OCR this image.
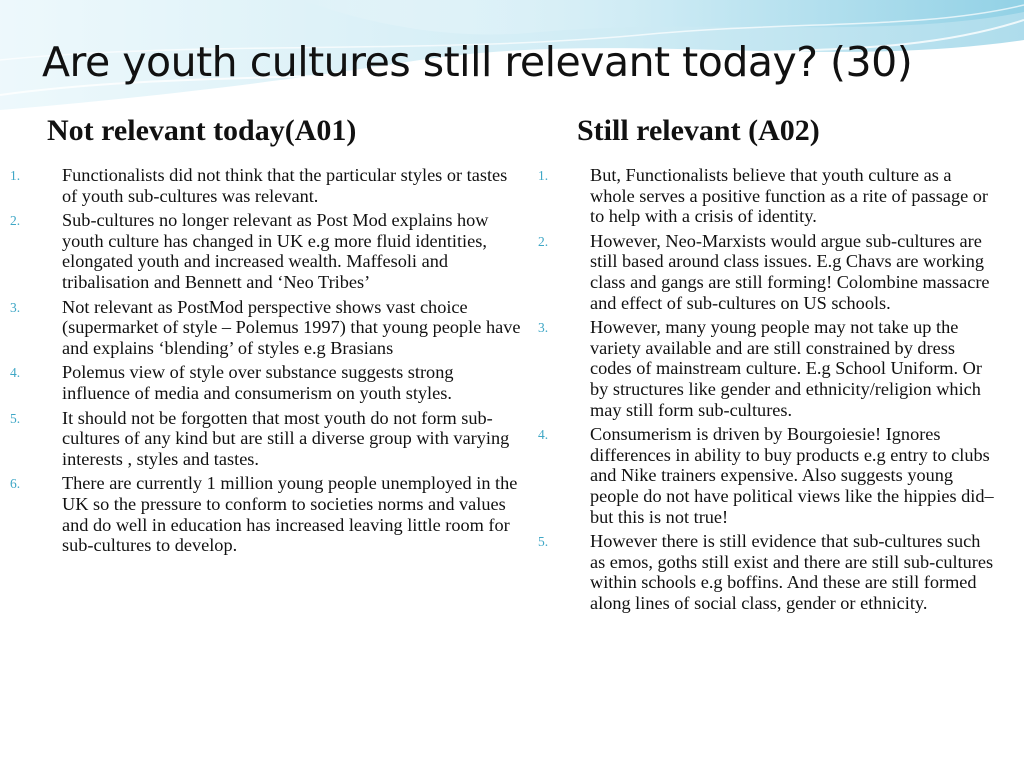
Are youth cultures still relevant today? (30)
Not relevant today(A01)	Still relevant (A02)
1.	Functionalists did not think that the particular styles or tastes of youth sub-cultures was relevant.
2.	Sub-cultures no longer relevant as Post Mod explains how youth culture has changed in UK e.g more fluid identities, elongated youth and increased wealth. Maffesoli and tribalisation and Bennett and ‘Neo Tribes’
3.	Not relevant as PostMod perspective shows vast choice (supermarket of style – Polemus 1997) that young people have and explains ‘blending’ of styles e.g Brasians
4.	Polemus view of style over substance suggests strong influence of media and consumerism on youth styles.
5.	It should not be forgotten that most youth do not form sub-cultures of any kind but are still a diverse group with varying interests , styles and tastes.
6.	There are currently 1 million young people unemployed in the UK so the pressure to conform to societies norms and values and do well in education has increased leaving little room for sub-cultures to develop.
1.	But, Functionalists believe that youth culture as a whole serves a positive function as a rite of passage or to help with a crisis of identity.
2.	However, Neo-Marxists would argue sub-cultures are still based around class issues. E.g Chavs are working class and gangs are still forming! Colombine massacre and effect of sub-cultures on US schools.
3.	However, many young people may not take up the variety available and are still constrained by dress codes of mainstream culture. E.g School Uniform. Or by structures like gender and ethnicity/religion which may still form sub-cultures.
4.	Consumerism is driven by Bourgoiesie! Ignores differences in ability to buy products e.g entry to clubs and Nike trainers expensive. Also suggests young people do not have political views like the hippies did– but this is not true!
5.	However there is still evidence that sub-cultures such as emos, goths still exist and there are still sub-cultures within schools e.g boffins. And these are still formed along lines of social class, gender or ethnicity.
